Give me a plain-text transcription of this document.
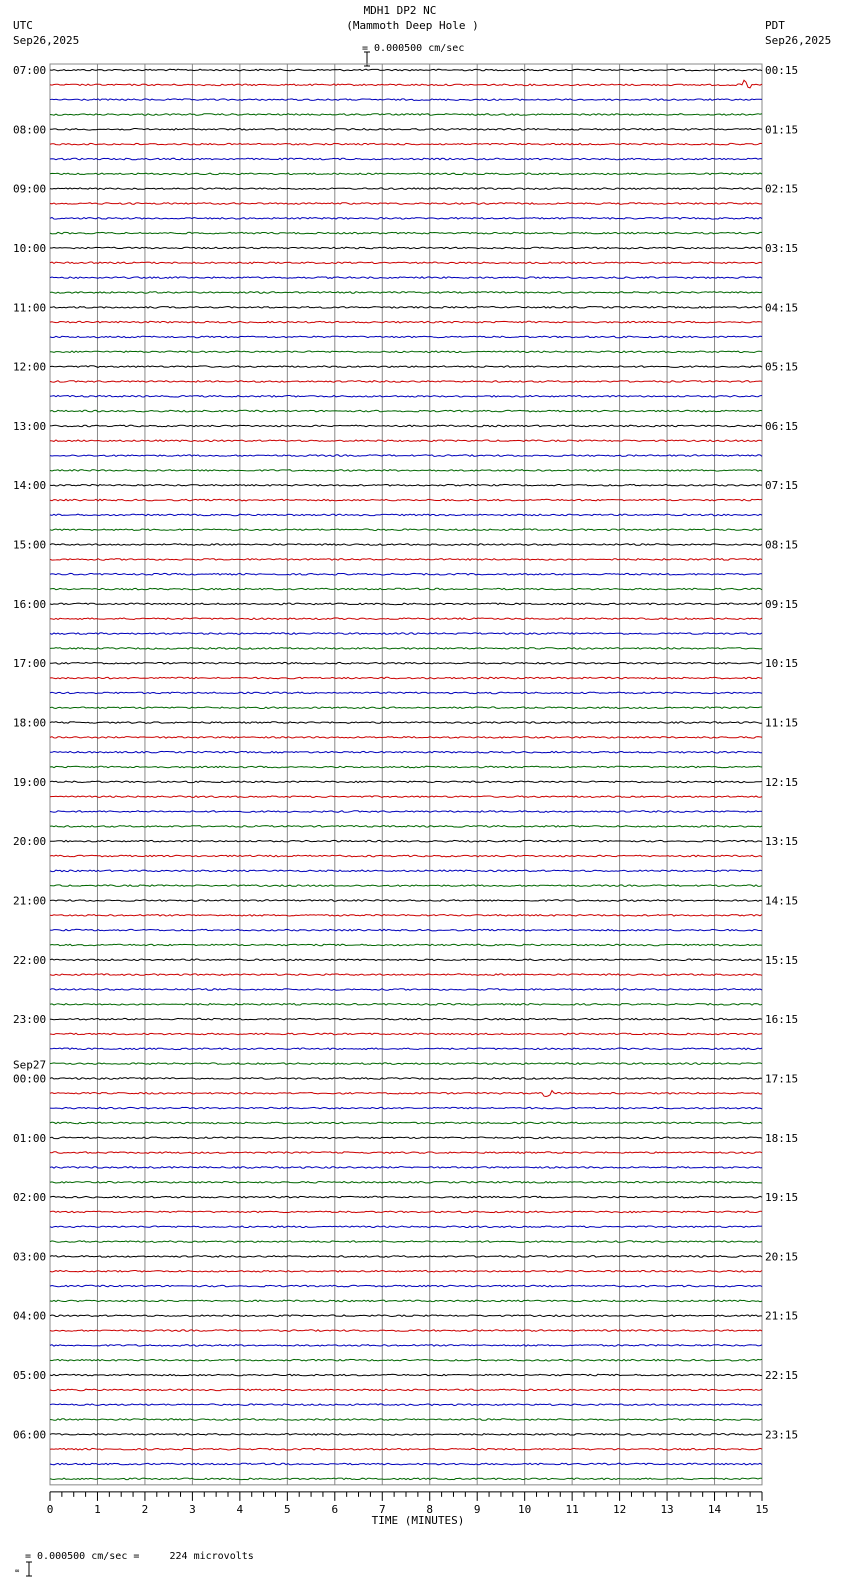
MDH1 DP2 NC
(Mammoth Deep Hole )
UTC
Sep26,2025
PDT
Sep26,2025

= 0.000500 cm/sec
07:00
08:00
09:00
10:00
11:00
12:00
13:00
14:00
15:00
16:00
17:00
18:00
19:00
20:00
21:00
22:00
23:00
Sep27
00:00
01:00
02:00
03:00
04:00
05:00
06:00
00:15
01:15
02:15
03:15
04:15
05:15
06:15
07:15
08:15
09:15
10:15
11:15
12:15
13:15
14:15
15:15
16:15
17:15
18:15
19:15
20:15
21:15
22:15
23:15
0	1	2	3	4	5	6	7	8	9	10	11	12	13	14	15
TIME (MINUTES)

∞

= 0.000500 cm/sec =     224 microvolts
